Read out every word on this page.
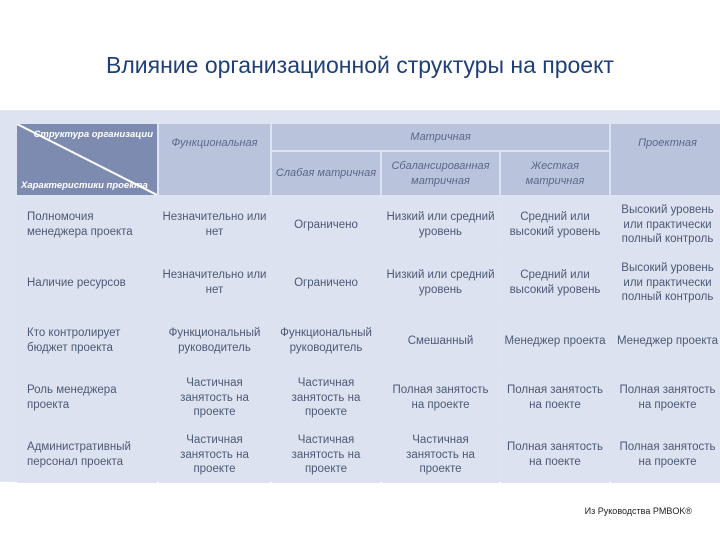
Влияние организационной структуры на проект
Структура организации
Характеристики проекта
Функциональная
Матричная
Слабая матричная
Сбалансированная матричная
Жесткая матричная
Проектная
Полномочия менеджера проекта
Незначительно или нет
Ограничено
Низкий или средний уровень
Средний или высокий уровень
Высокий уровень или практически полный контроль
Наличие ресурсов
Незначительно или нет
Ограничено
Низкий или средний уровень
Средний или высокий уровень
Высокий уровень или практически полный контроль
Кто контролирует бюджет проекта
Функциональный руководитель
Функциональный руководитель
Смешанный	Менеджер проекта Менеджер проекта
Роль менеджера проекта
Частичная занятость на проекте
Частичная занятость на проекте
Полная занятость на проекте
Полная занятость на поекте
Полная занятость на проекте
Административный персонал проекта
Частичная занятость на проекте
Частичная занятость на проекте
Частичная занятость на проекте
Полная занятость на поекте
Полная занятость на проекте
Из Руководства PMBOK®
